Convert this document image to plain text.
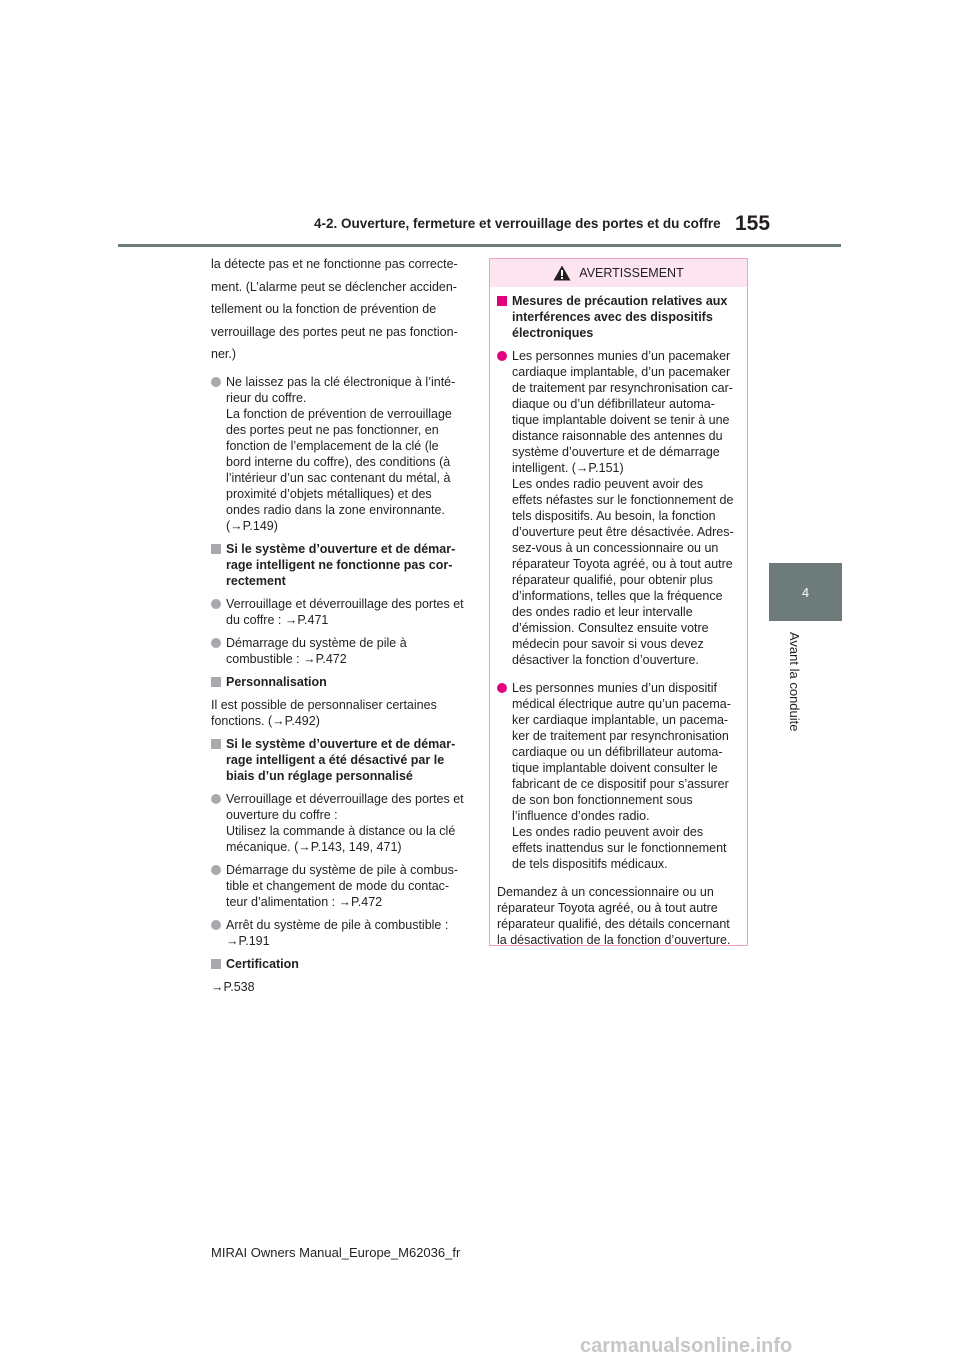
4-2. Ouverture, fermeture et verrouillage des portes et du coffre 155
4
Avant la conduite

la détecte pas et ne fonctionne pas correcte-
ment. (L’alarme peut se déclencher acciden-
tellement ou la fonction de prévention de
verrouillage des portes peut ne pas fonction-
ner.)

Ne laissez pas la clé électronique à l’inté-
rieur du coffre.
La fonction de prévention de verrouillage
des portes peut ne pas fonctionner, en
fonction de l’emplacement de la clé (le
bord interne du coffre), des conditions (à
l’intérieur d’un sac contenant du métal, à
proximité d’objets métalliques) et des
ondes radio dans la zone environnante.
(→P.149)
Si le système d’ouverture et de démar-
rage intelligent ne fonctionne pas cor-
rectement
Verrouillage et déverrouillage des portes et
du coffre : →P.471
Démarrage du système de pile à
combustible : →P.472
Personnalisation

Il est possible de personnaliser certaines
fonctions. (→P.492)

Si le système d’ouverture et de démar-
rage intelligent a été désactivé par le
biais d’un réglage personnalisé
Verrouillage et déverrouillage des portes et
ouverture du coffre :
Utilisez la commande à distance ou la clé
mécanique. (→P.143, 149, 471)
Démarrage du système de pile à combus-
tible et changement de mode du contac-
teur d’alimentation : →P.472
Arrêt du système de pile à combustible :
→P.191
Certification

→P.538

AVERTISSEMENT
Mesures de précaution relatives aux
interférences avec des dispositifs
électroniques
Les personnes munies d’un pacemaker
cardiaque implantable, d’un pacemaker
de traitement par resynchronisation car-
diaque ou d’un défibrillateur automa-
tique implantable doivent se tenir à une
distance raisonnable des antennes du
système d’ouverture et de démarrage
intelligent. (→P.151)
Les ondes radio peuvent avoir des
effets néfastes sur le fonctionnement de
tels dispositifs. Au besoin, la fonction
d’ouverture peut être désactivée. Adres-
sez-vous à un concessionnaire ou un
réparateur Toyota agréé, ou à tout autre
réparateur qualifié, pour obtenir plus
d’informations, telles que la fréquence
des ondes radio et leur intervalle
d’émission. Consultez ensuite votre
médecin pour savoir si vous devez
désactiver la fonction d’ouverture.
Les personnes munies d’un dispositif
médical électrique autre qu’un pacema-
ker cardiaque implantable, un pacema-
ker de traitement par resynchronisation
cardiaque ou un défibrillateur automa-
tique implantable doivent consulter le
fabricant de ce dispositif pour s’assurer
de son bon fonctionnement sous
l’influence d’ondes radio.
Les ondes radio peuvent avoir des
effets inattendus sur le fonctionnement
de tels dispositifs médicaux.

Demandez à un concessionnaire ou un
réparateur Toyota agréé, ou à tout autre
réparateur qualifié, des détails concernant
la désactivation de la fonction d’ouverture.

MIRAI Owners Manual_Europe_M62036_fr
carmanualsonline.info
